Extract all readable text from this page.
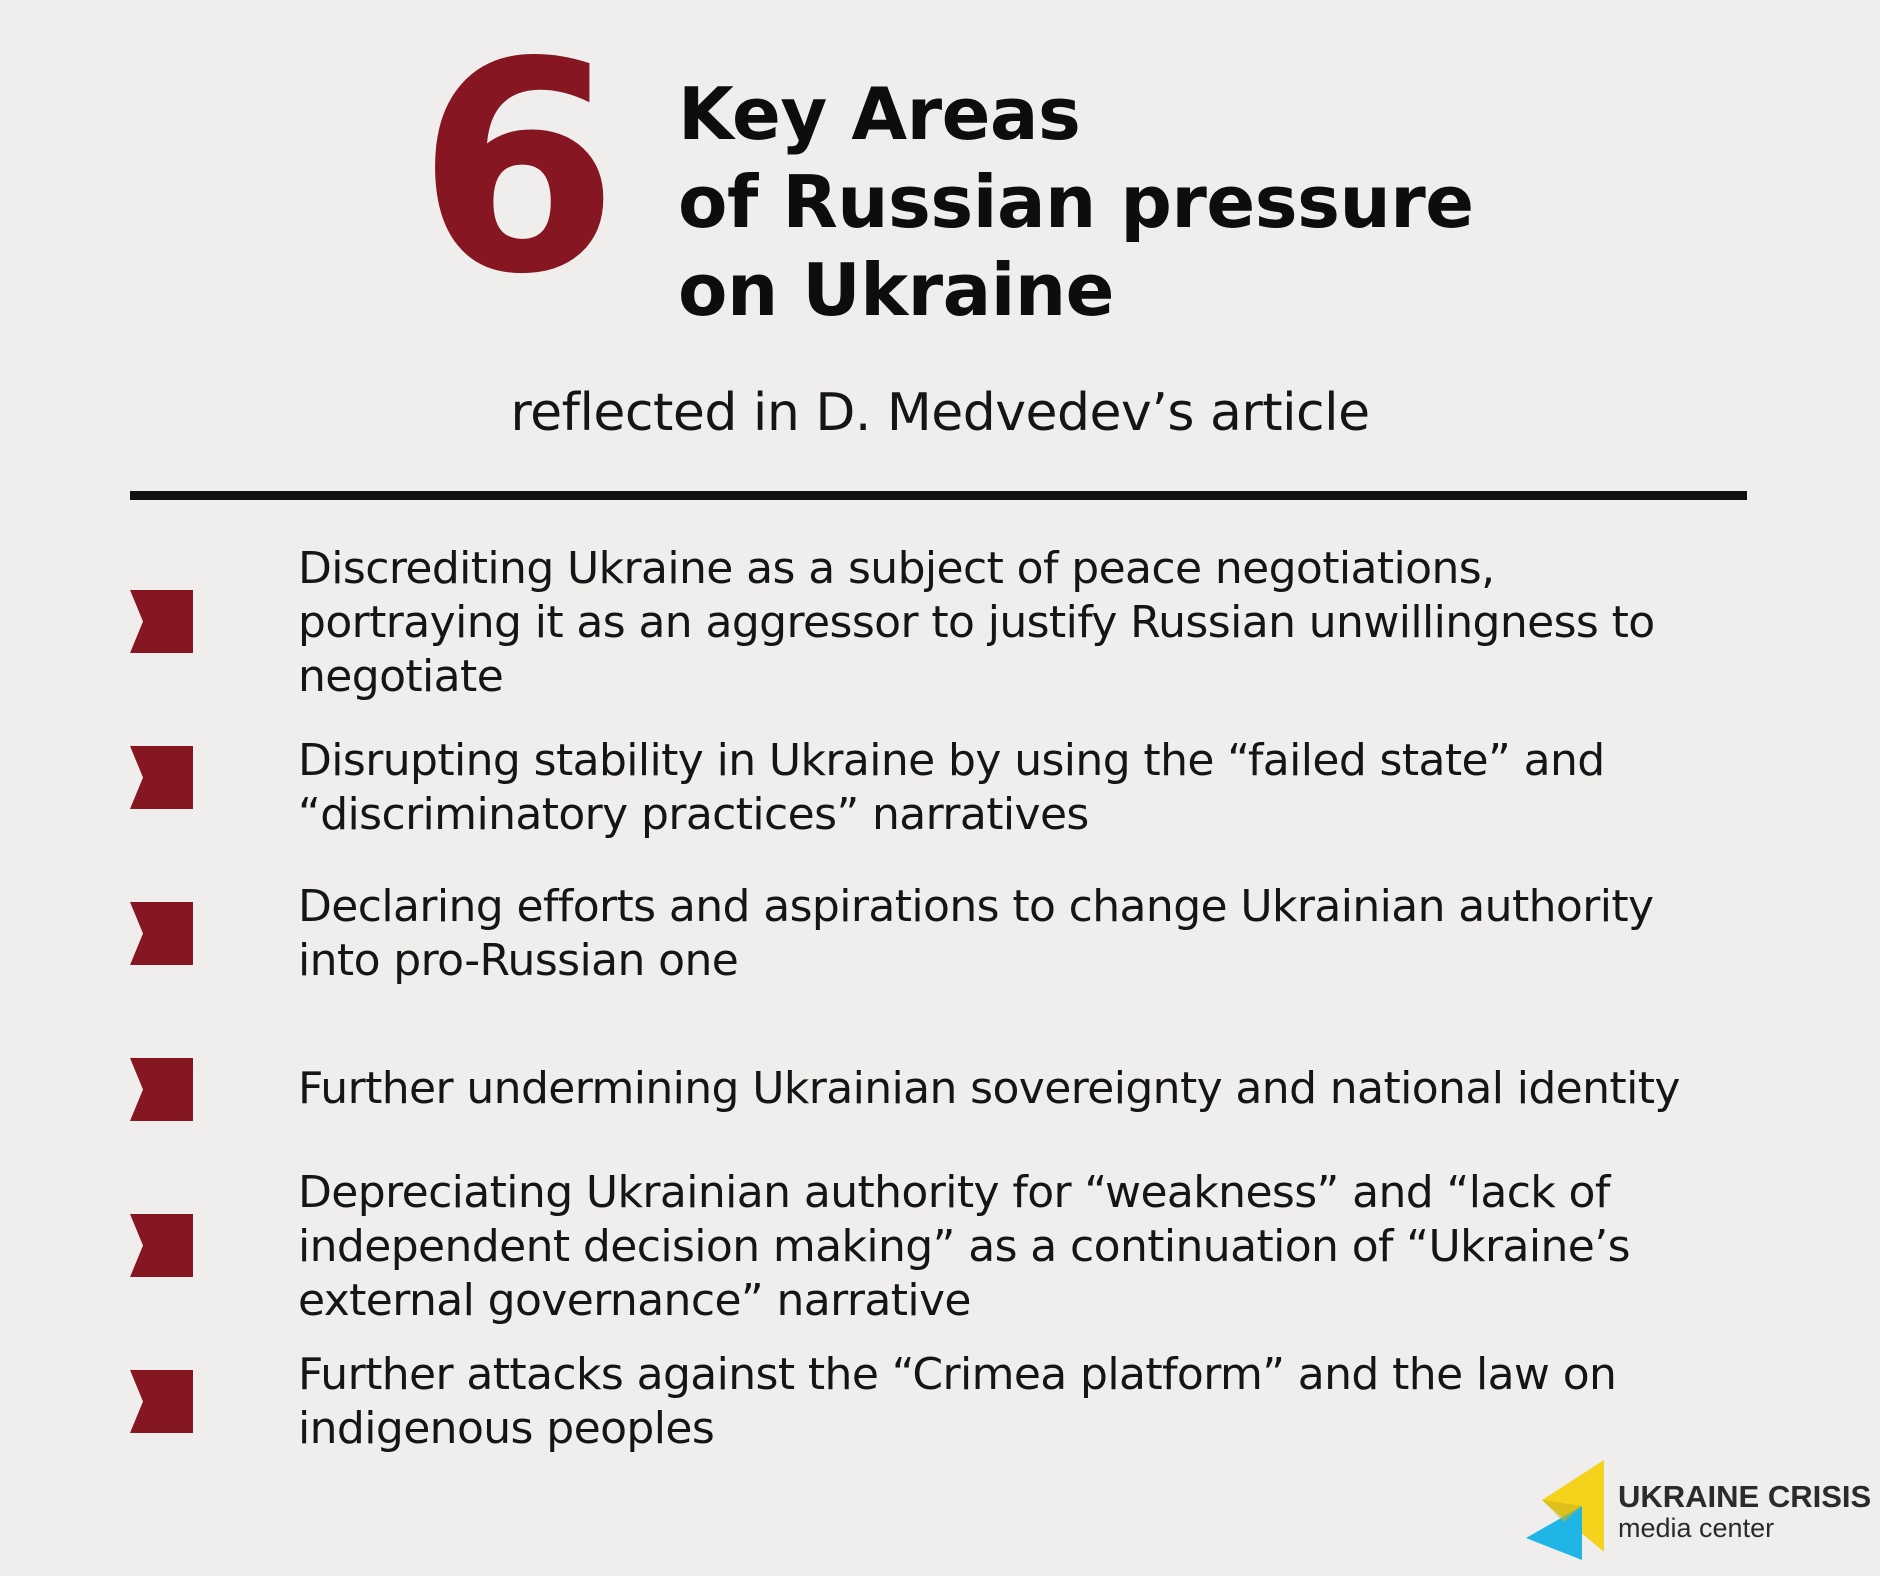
6 Key Areas
of Russian pressure
on Ukraine
reflected in D. Medvedev’s article
Discrediting Ukraine as a subject of peace negotiations,
portraying it as an aggressor to justify Russian unwillingness to
negotiate
Disrupting stability in Ukraine by using the “failed state” and
“discriminatory practices” narratives
Declaring efforts and aspirations to change Ukrainian authority
into pro-Russian one
Further undermining Ukrainian sovereignty and national identity
Depreciating Ukrainian authority for “weakness” and “lack of
independent decision making” as a continuation of “Ukraine’s
external governance” narrative
Further attacks against the “Crimea platform” and the law on
indigenous peoples
UKRAINE CRISIS
media center
